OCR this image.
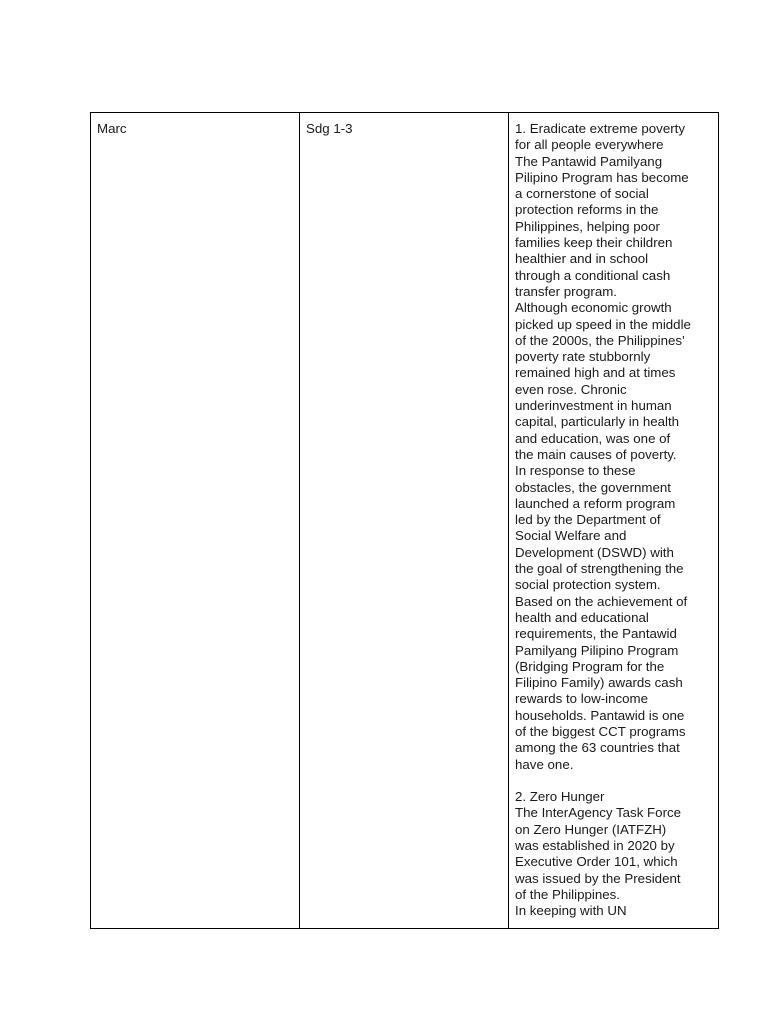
Marc	Sdg 1-3	1. Eradicate extreme poverty
for all people everywhere
The Pantawid Pamilyang
Pilipino Program has become
a cornerstone of social
protection reforms in the
Philippines, helping poor
families keep their children
healthier and in school
through a conditional cash
transfer program.
Although economic growth
picked up speed in the middle
of the 2000s, the Philippines'
poverty rate stubbornly
remained high and at times
even rose. Chronic
underinvestment in human
capital, particularly in health
and education, was one of
the main causes of poverty.
In response to these
obstacles, the government
launched a reform program
led by the Department of
Social Welfare and
Development (DSWD) with
the goal of strengthening the
social protection system.
Based on the achievement of
health and educational
requirements, the Pantawid
Pamilyang Pilipino Program
(Bridging Program for the
Filipino Family) awards cash
rewards to low-income
households. Pantawid is one
of the biggest CCT programs
among the 63 countries that
have one.
2. Zero Hunger
The InterAgency Task Force
on Zero Hunger (IATFZH)
was established in 2020 by
Executive Order 101, which
was issued by the President
of the Philippines.
In keeping with UN
